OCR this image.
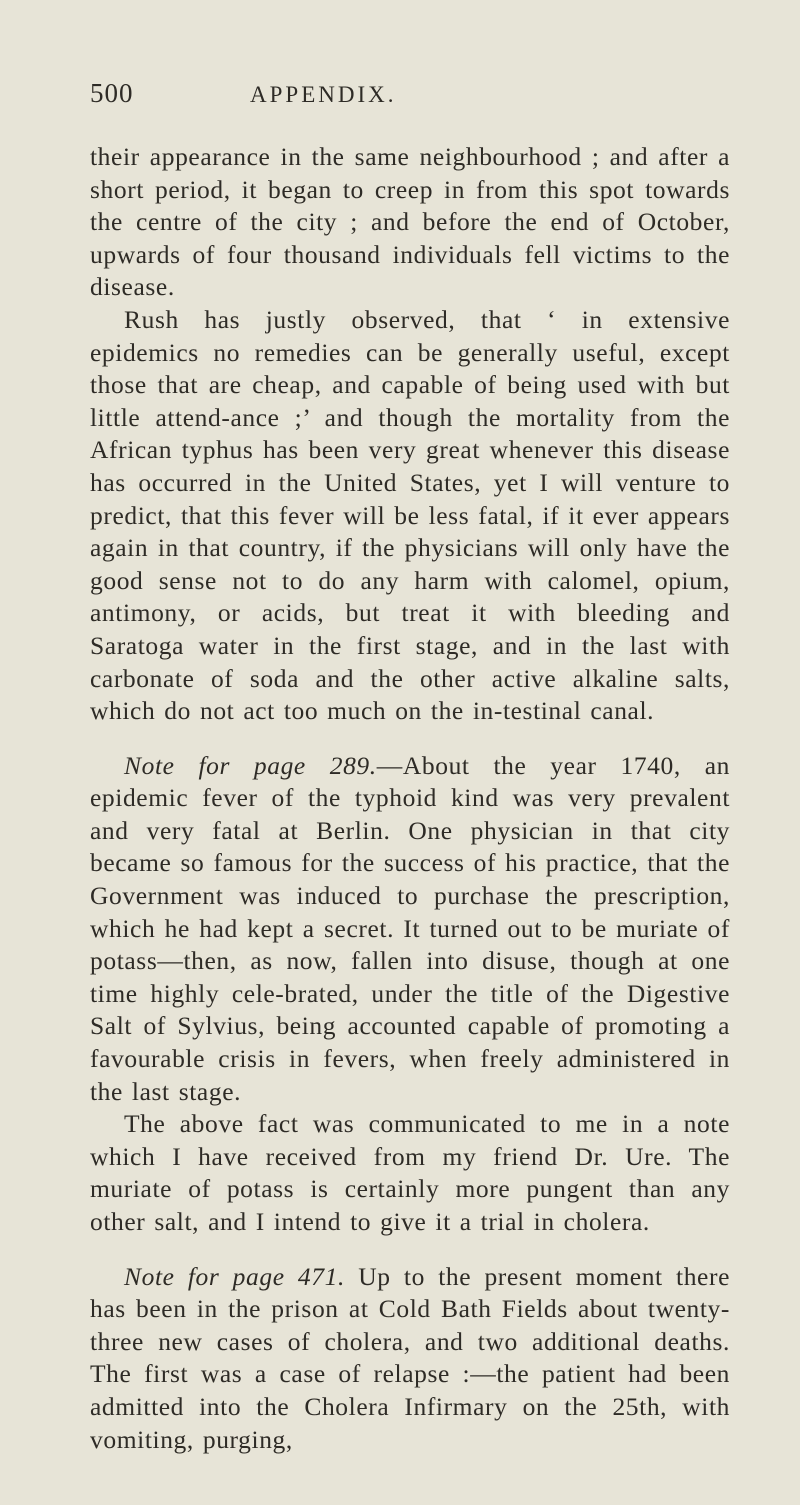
500	APPENDIX.

their appearance in the same neighbourhood ; and after a short period, it began to creep in from this spot towards the centre of the city ; and before the end of October, upwards of four thousand individuals fell victims to the disease.

Rush has justly observed, that ‘ in extensive epidemics no remedies can be generally useful, except those that are cheap, and capable of being used with but little attend-ance ;’ and though the mortality from the African typhus has been very great whenever this disease has occurred in the United States, yet I will venture to predict, that this fever will be less fatal, if it ever appears again in that country, if the physicians will only have the good sense not to do any harm with calomel, opium, antimony, or acids, but treat it with bleeding and Saratoga water in the first stage, and in the last with carbonate of soda and the other active alkaline salts, which do not act too much on the in-testinal canal.

Note for page 289.—About the year 1740, an epidemic fever of the typhoid kind was very prevalent and very fatal at Berlin. One physician in that city became so famous for the success of his practice, that the Government was induced to purchase the prescription, which he had kept a secret. It turned out to be muriate of potass—then, as now, fallen into disuse, though at one time highly cele-brated, under the title of the Digestive Salt of Sylvius, being accounted capable of promoting a favourable crisis in fevers, when freely administered in the last stage.

The above fact was communicated to me in a note which I have received from my friend Dr. Ure. The muriate of potass is certainly more pungent than any other salt, and I intend to give it a trial in cholera.

Note for page 471. Up to the present moment there has been in the prison at Cold Bath Fields about twenty-three new cases of cholera, and two additional deaths. The first was a case of relapse :—the patient had been admitted into the Cholera Infirmary on the 25th, with vomiting, purging,
